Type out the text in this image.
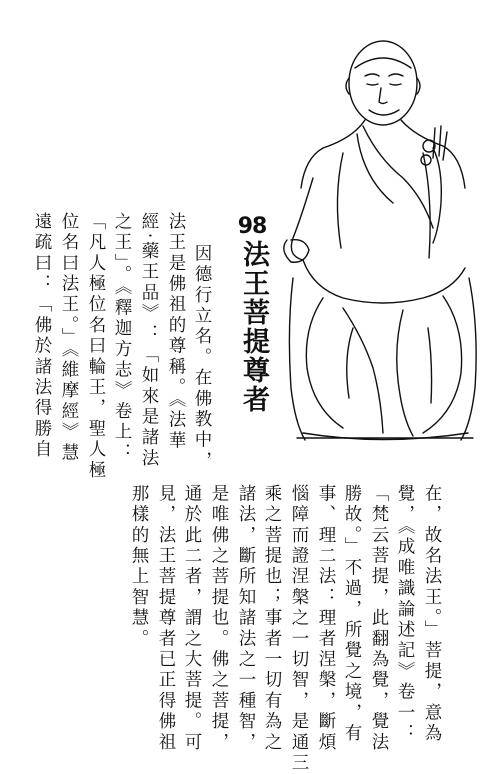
98
法王菩提尊者
因德行立名。在佛教中，
法王是佛祖的尊稱。《法華
經‧藥王品》：「如來是諸法
之王」。《釋迦方志》卷上：
「凡人極位名曰輪王，聖人極
位名曰法王。」《維摩經》慧
遠疏曰：「佛於諸法得勝自
在，故名法王。」菩提，意為
覺，《成唯識論述記》卷一：
「梵云菩提，此翻為覺，覺法
勝故。」不過，所覺之境，有
事、理二法：理者涅槃，斷煩
惱障而證涅槃之一切智，是通三
乘之菩提也；事者一切有為之
諸法，斷所知諸法之一種智，
是唯佛之菩提也。佛之菩提，
通於此二者，謂之大菩提。可
見，法王菩提尊者已正得佛祖
那樣的無上智慧。
